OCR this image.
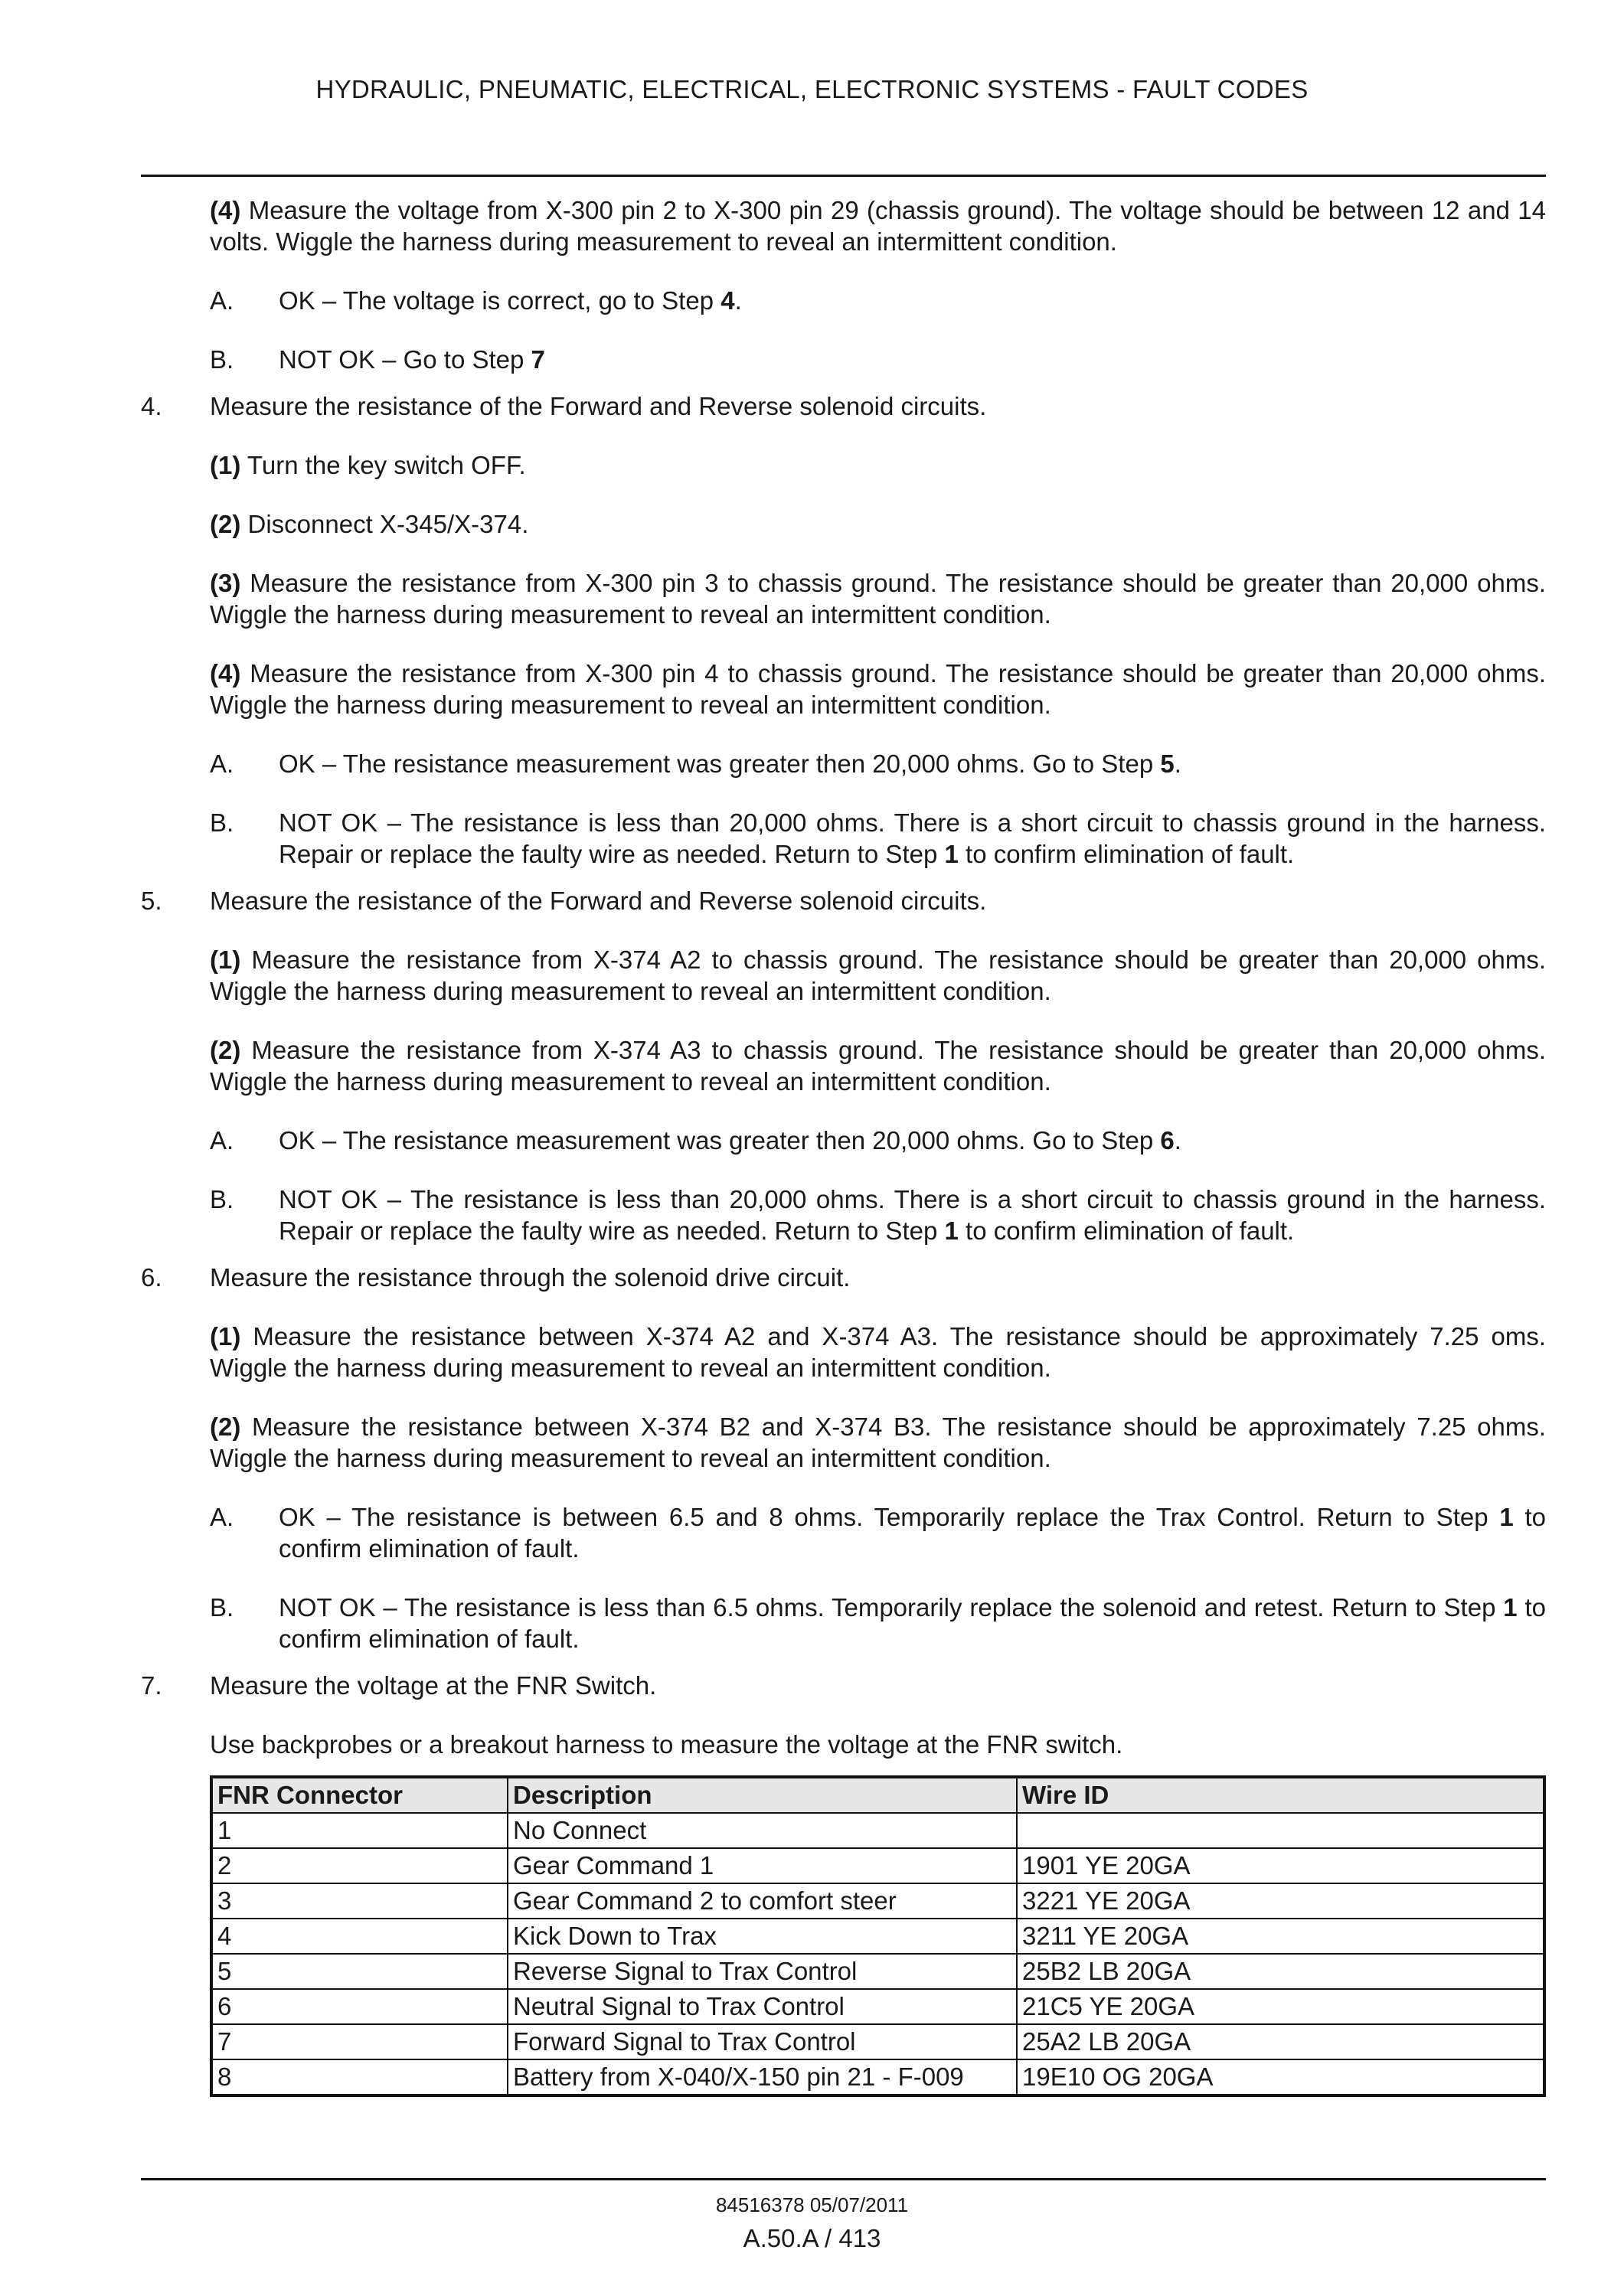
HYDRAULIC, PNEUMATIC, ELECTRICAL, ELECTRONIC SYSTEMS - FAULT CODES
(4) Measure the voltage from X-300 pin 2 to X-300 pin 29 (chassis ground). The voltage should be between 12 and 14 volts. Wiggle the harness during measurement to reveal an intermittent condition.
A.	OK – The voltage is correct, go to Step 4.
B.	NOT OK – Go to Step 7
4.	Measure the resistance of the Forward and Reverse solenoid circuits.
(1) Turn the key switch OFF.
(2) Disconnect X-345/X-374.
(3) Measure the resistance from X-300 pin 3 to chassis ground. The resistance should be greater than 20,000 ohms. Wiggle the harness during measurement to reveal an intermittent condition.
(4) Measure the resistance from X-300 pin 4 to chassis ground. The resistance should be greater than 20,000 ohms. Wiggle the harness during measurement to reveal an intermittent condition.
A.	OK – The resistance measurement was greater then 20,000 ohms. Go to Step 5.
B.	NOT OK – The resistance is less than 20,000 ohms. There is a short circuit to chassis ground in the harness. Repair or replace the faulty wire as needed. Return to Step 1 to confirm elimination of fault.
5.	Measure the resistance of the Forward and Reverse solenoid circuits.
(1) Measure the resistance from X-374 A2 to chassis ground. The resistance should be greater than 20,000 ohms. Wiggle the harness during measurement to reveal an intermittent condition.
(2) Measure the resistance from X-374 A3 to chassis ground. The resistance should be greater than 20,000 ohms. Wiggle the harness during measurement to reveal an intermittent condition.
A.	OK – The resistance measurement was greater then 20,000 ohms. Go to Step 6.
B.	NOT OK – The resistance is less than 20,000 ohms. There is a short circuit to chassis ground in the harness. Repair or replace the faulty wire as needed. Return to Step 1 to confirm elimination of fault.
6.	Measure the resistance through the solenoid drive circuit.
(1) Measure the resistance between X-374 A2 and X-374 A3. The resistance should be approximately 7.25 oms. Wiggle the harness during measurement to reveal an intermittent condition.
(2) Measure the resistance between X-374 B2 and X-374 B3. The resistance should be approximately 7.25 ohms. Wiggle the harness during measurement to reveal an intermittent condition.
A.	OK – The resistance is between 6.5 and 8 ohms. Temporarily replace the Trax Control. Return to Step 1 to confirm elimination of fault.
B.	NOT OK – The resistance is less than 6.5 ohms. Temporarily replace the solenoid and retest. Return to Step 1 to confirm elimination of fault.
7.	Measure the voltage at the FNR Switch.
Use backprobes or a breakout harness to measure the voltage at the FNR switch.
FNR Connector	Description	Wire ID
1	No Connect	
2	Gear Command 1	1901 YE 20GA
3	Gear Command 2 to comfort steer	3221 YE 20GA
4	Kick Down to Trax	3211 YE 20GA
5	Reverse Signal to Trax Control	25B2 LB 20GA
6	Neutral Signal to Trax Control	21C5 YE 20GA
7	Forward Signal to Trax Control	25A2 LB 20GA
8	Battery from X-040/X-150 pin 21 - F-009	19E10 OG 20GA
84516378 05/07/2011
A.50.A / 413
